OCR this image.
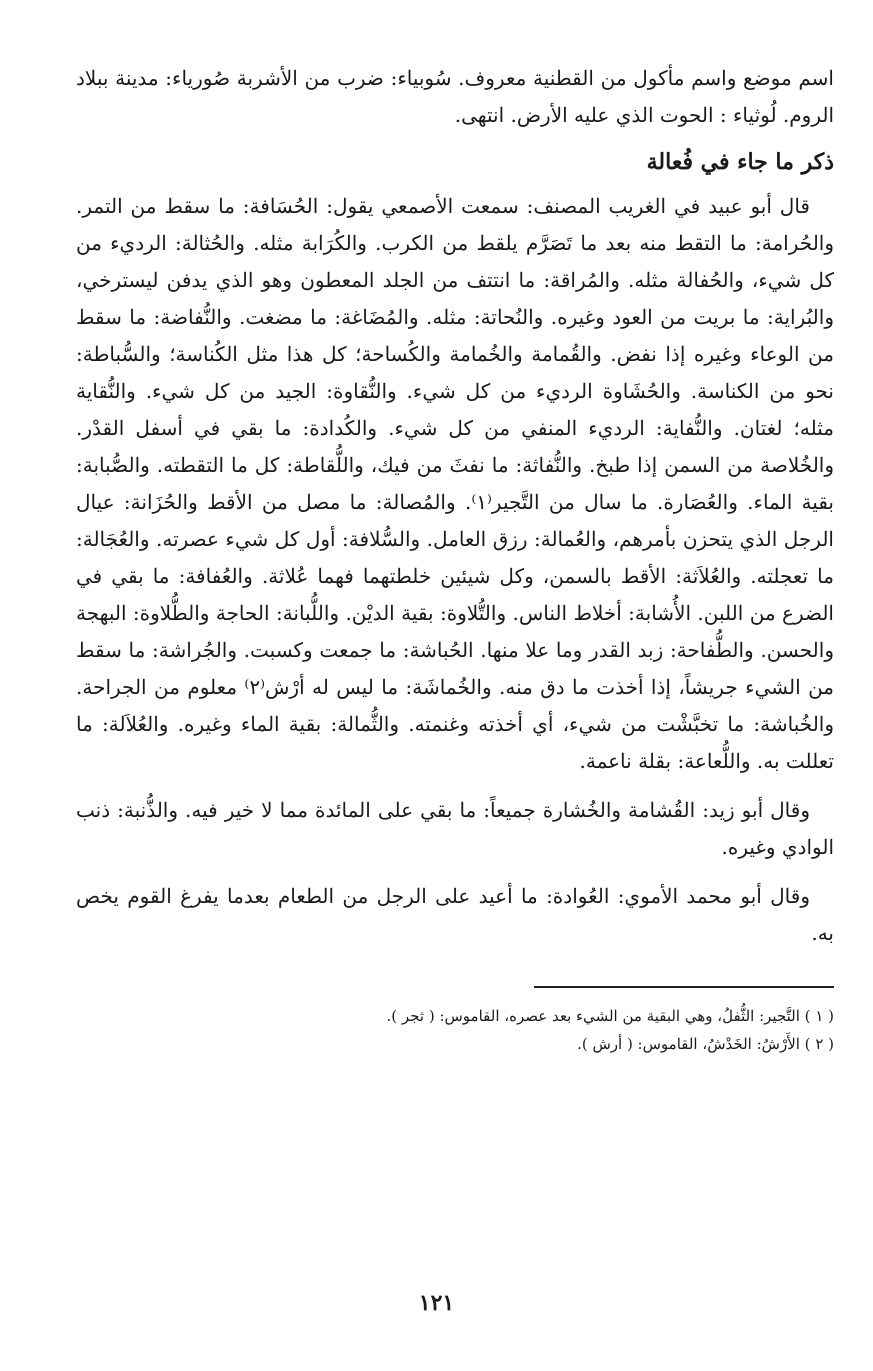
اسم موضع واسم مأكول من القطنية معروف. سُوبياء: ضرب من الأشربة صُورياء: مدينة ببلاد الروم. لُوثياء : الحوت الذي عليه الأرض. انتهى.

ذكر ما جاء في فُعالة

قال أبو عبيد في الغريب المصنف: سمعت الأصمعي يقول: الحُسَافة: ما سقط من التمر. والحُرامة: ما التقط منه بعد ما تَصَرَّم يلقط من الكرب. والكُرَابة مثله. والحُثالة: الرديء من كل شيء، والحُفالة مثله. والمُراقة: ما انتتف من الجلد المعطون وهو الذي يدفن ليسترخي، والبُراية: ما بريت من العود وغيره. والنُحاتة: مثله. والمُضَاغة: ما مضغت. والنُّفاضة: ما سقط من الوعاء وغيره إذا نفض. والقُمامة والخُمامة والكُساحة؛ كل هذا مثل الكُناسة؛ والسُّباطة: نحو من الكناسة. والحُشَاوة الرديء من كل شيء. والنُّقاوة: الجيد من كل شيء. والنُّقاية مثله؛ لغتان. والنُّفاية: الرديء المنفي من كل شيء. والكُدادة: ما بقي في أسفل القدْر. والخُلاصة من السمن إذا طبخ. والنُّفاثة: ما نفثَ من فيك، واللُّقاطة: كل ما التقطته. والصُّبابة: بقية الماء. والعُصَارة. ما سال من التَّجير⁽١⁾. والمُصالة: ما مصل من الأقط والحُزَانة: عيال الرجل الذي يتحزن بأمرهم، والعُمالة: رزق العامل. والسُّلافة: أول كل شيء عصرته. والعُجَالة: ما تعجلته. والعُلاَثة: الأقط بالسمن، وكل شيئين خلطتهما فهما عُلاثة. والعُفافة: ما بقي في الضرع من اللبن. الأُشابة: أخلاط الناس. والتُّلاوة: بقية الديْن. واللُّبانة: الحاجة والطُّلاوة: البهجة والحسن. والطُّفاحة: زبد القدر وما علا منها. الحُباشة: ما جمعت وكسبت. والجُراشة: ما سقط من الشيء جريشاً، إذا أخذت ما دق منه. والخُماشَة: ما ليس له أرْش⁽٢⁾ معلوم من الجراحة. والخُباشة: ما تخبَّشْت من شيء، أي أخذته وغنمته. والثُّمالة: بقية الماء وغيره. والعُلاَلة: ما تعللت به. واللُّعاعة: بقلة ناعمة.

وقال أبو زيد: القُشامة والخُشارة جميعاً: ما بقي على المائدة مما لا خير فيه. والذُّنبة: ذنب الوادي وغيره.

وقال أبو محمد الأموي: العُوادة: ما أعيد على الرجل من الطعام بعدما يفرغ القوم يخص به.

( ١ ) التَّجير: الثُّفلُ، وهي البقية من الشيء بعد عصره، القاموس: ( ثجر ).

( ٢ ) الأَرْشُ: الخَدْشُ، القاموس: ( أرش ).

١٢١
